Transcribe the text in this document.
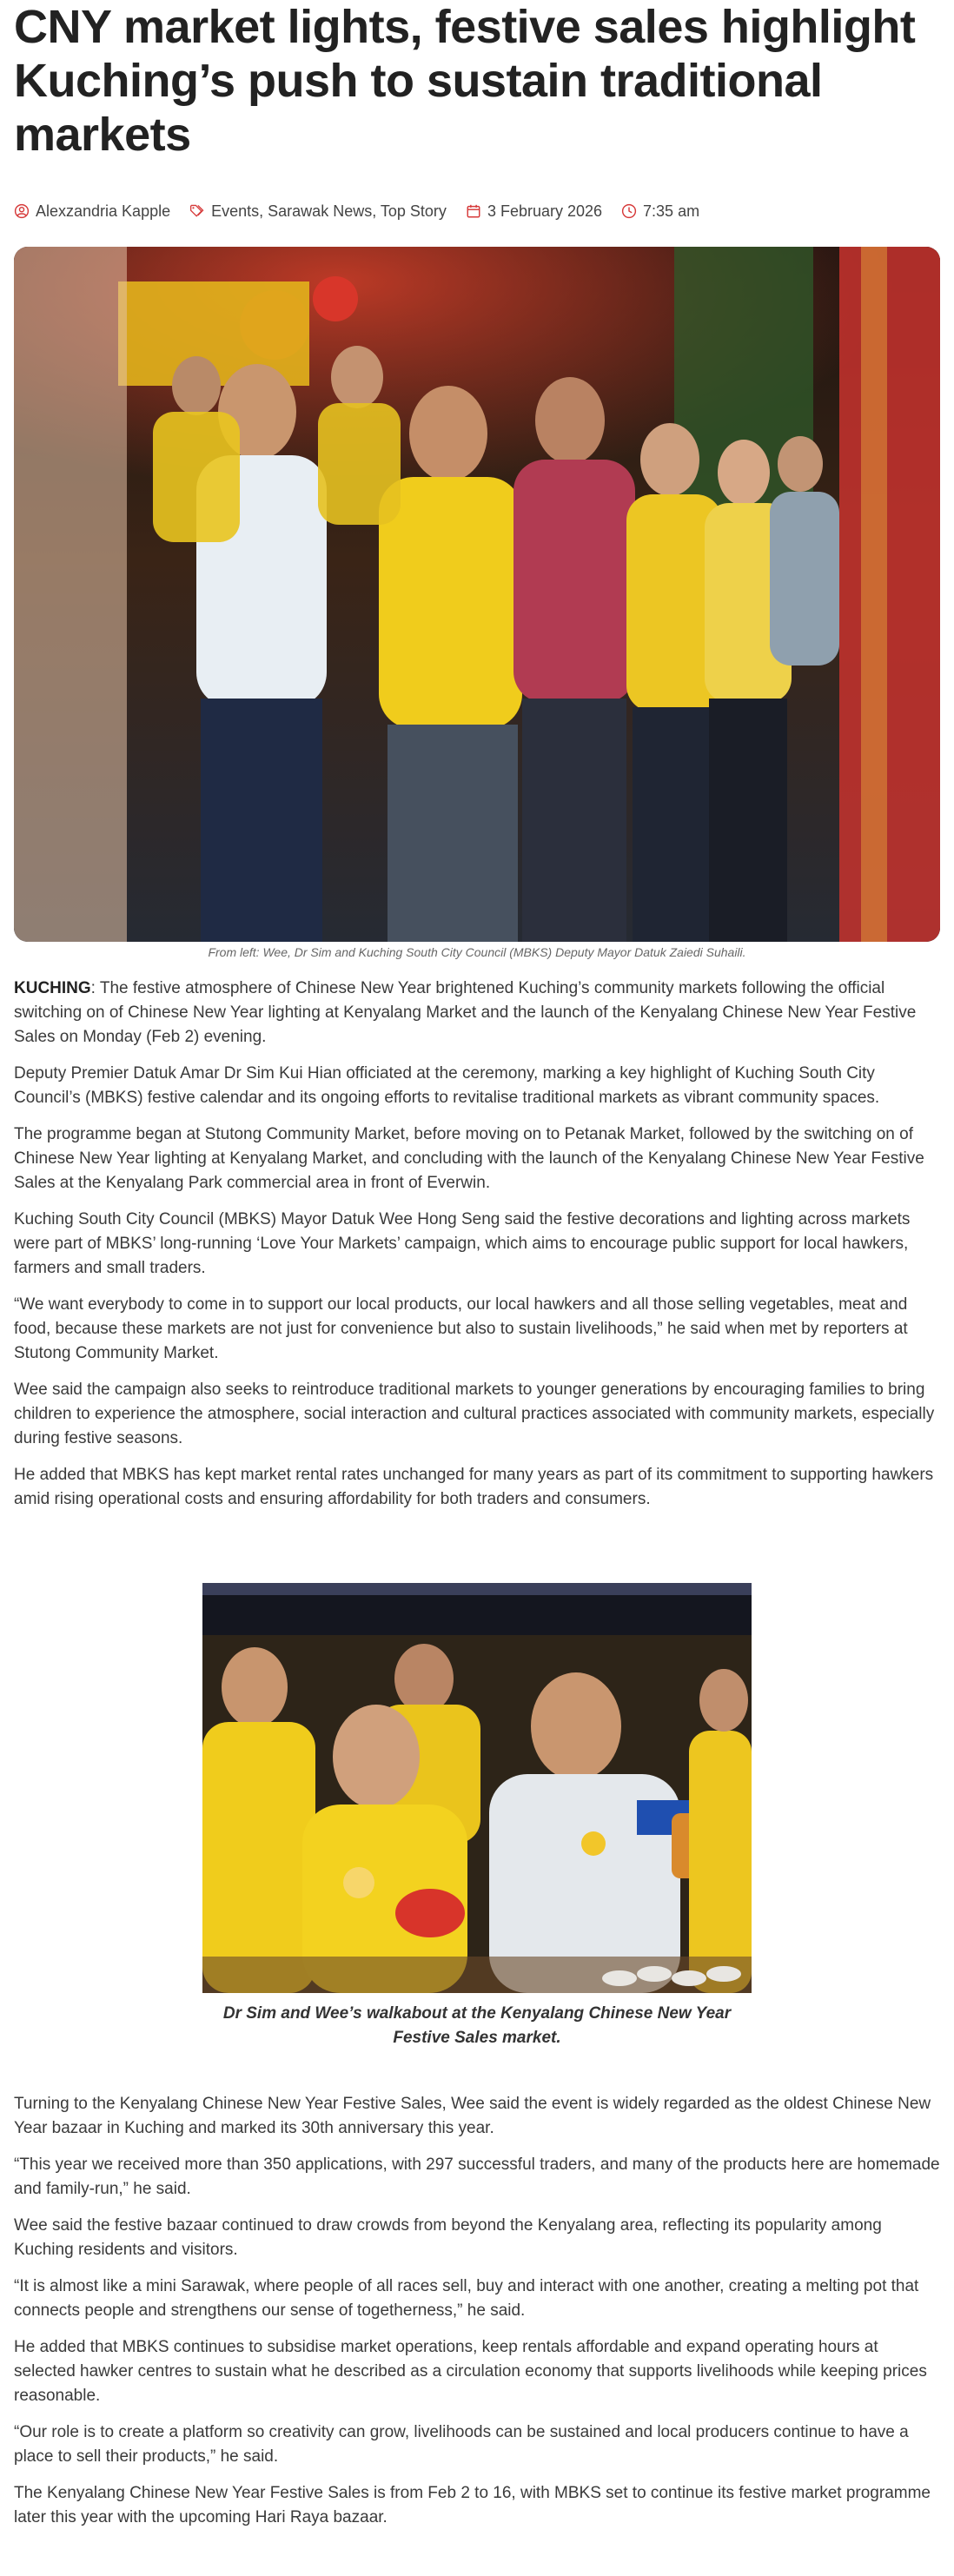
CNY market lights, festive sales highlight Kuching’s push to sustain traditional markets
Alexzandria Kapple	Events, Sarawak News, Top Story	3 February 2026	7:35 am
From left: Wee, Dr Sim and Kuching South City Council (MBKS) Deputy Mayor Datuk Zaiedi Suhaili.

KUCHING: The festive atmosphere of Chinese New Year brightened Kuching’s community markets following the official switching on of Chinese New Year lighting at Kenyalang Market and the launch of the Kenyalang Chinese New Year Festive Sales on Monday (Feb 2) evening.

Deputy Premier Datuk Amar Dr Sim Kui Hian officiated at the ceremony, marking a key highlight of Kuching South City Council’s (MBKS) festive calendar and its ongoing efforts to revitalise traditional markets as vibrant community spaces.

The programme began at Stutong Community Market, before moving on to Petanak Market, followed by the switching on of Chinese New Year lighting at Kenyalang Market, and concluding with the launch of the Kenyalang Chinese New Year Festive Sales at the Kenyalang Park commercial area in front of Everwin.

Kuching South City Council (MBKS) Mayor Datuk Wee Hong Seng said the festive decorations and lighting across markets were part of MBKS’ long-running ‘Love Your Markets’ campaign, which aims to encourage public support for local hawkers, farmers and small traders.

“We want everybody to come in to support our local products, our local hawkers and all those selling vegetables, meat and food, because these markets are not just for convenience but also to sustain livelihoods,” he said when met by reporters at Stutong Community Market.

Wee said the campaign also seeks to reintroduce traditional markets to younger generations by encouraging families to bring children to experience the atmosphere, social interaction and cultural practices associated with community markets, especially during festive seasons.

He added that MBKS has kept market rental rates unchanged for many years as part of its commitment to supporting hawkers amid rising operational costs and ensuring affordability for both traders and consumers.

Dr Sim and Wee’s walkabout at the Kenyalang Chinese New Year Festive Sales market.

Turning to the Kenyalang Chinese New Year Festive Sales, Wee said the event is widely regarded as the oldest Chinese New Year bazaar in Kuching and marked its 30th anniversary this year.

“This year we received more than 350 applications, with 297 successful traders, and many of the products here are homemade and family-run,” he said.

Wee said the festive bazaar continued to draw crowds from beyond the Kenyalang area, reflecting its popularity among Kuching residents and visitors.

“It is almost like a mini Sarawak, where people of all races sell, buy and interact with one another, creating a melting pot that connects people and strengthens our sense of togetherness,” he said.

He added that MBKS continues to subsidise market operations, keep rentals affordable and expand operating hours at selected hawker centres to sustain what he described as a circulation economy that supports livelihoods while keeping prices reasonable.

“Our role is to create a platform so creativity can grow, livelihoods can be sustained and local producers continue to have a place to sell their products,” he said.

The Kenyalang Chinese New Year Festive Sales is from Feb 2 to 16, with MBKS set to continue its festive market programme later this year with the upcoming Hari Raya bazaar.
